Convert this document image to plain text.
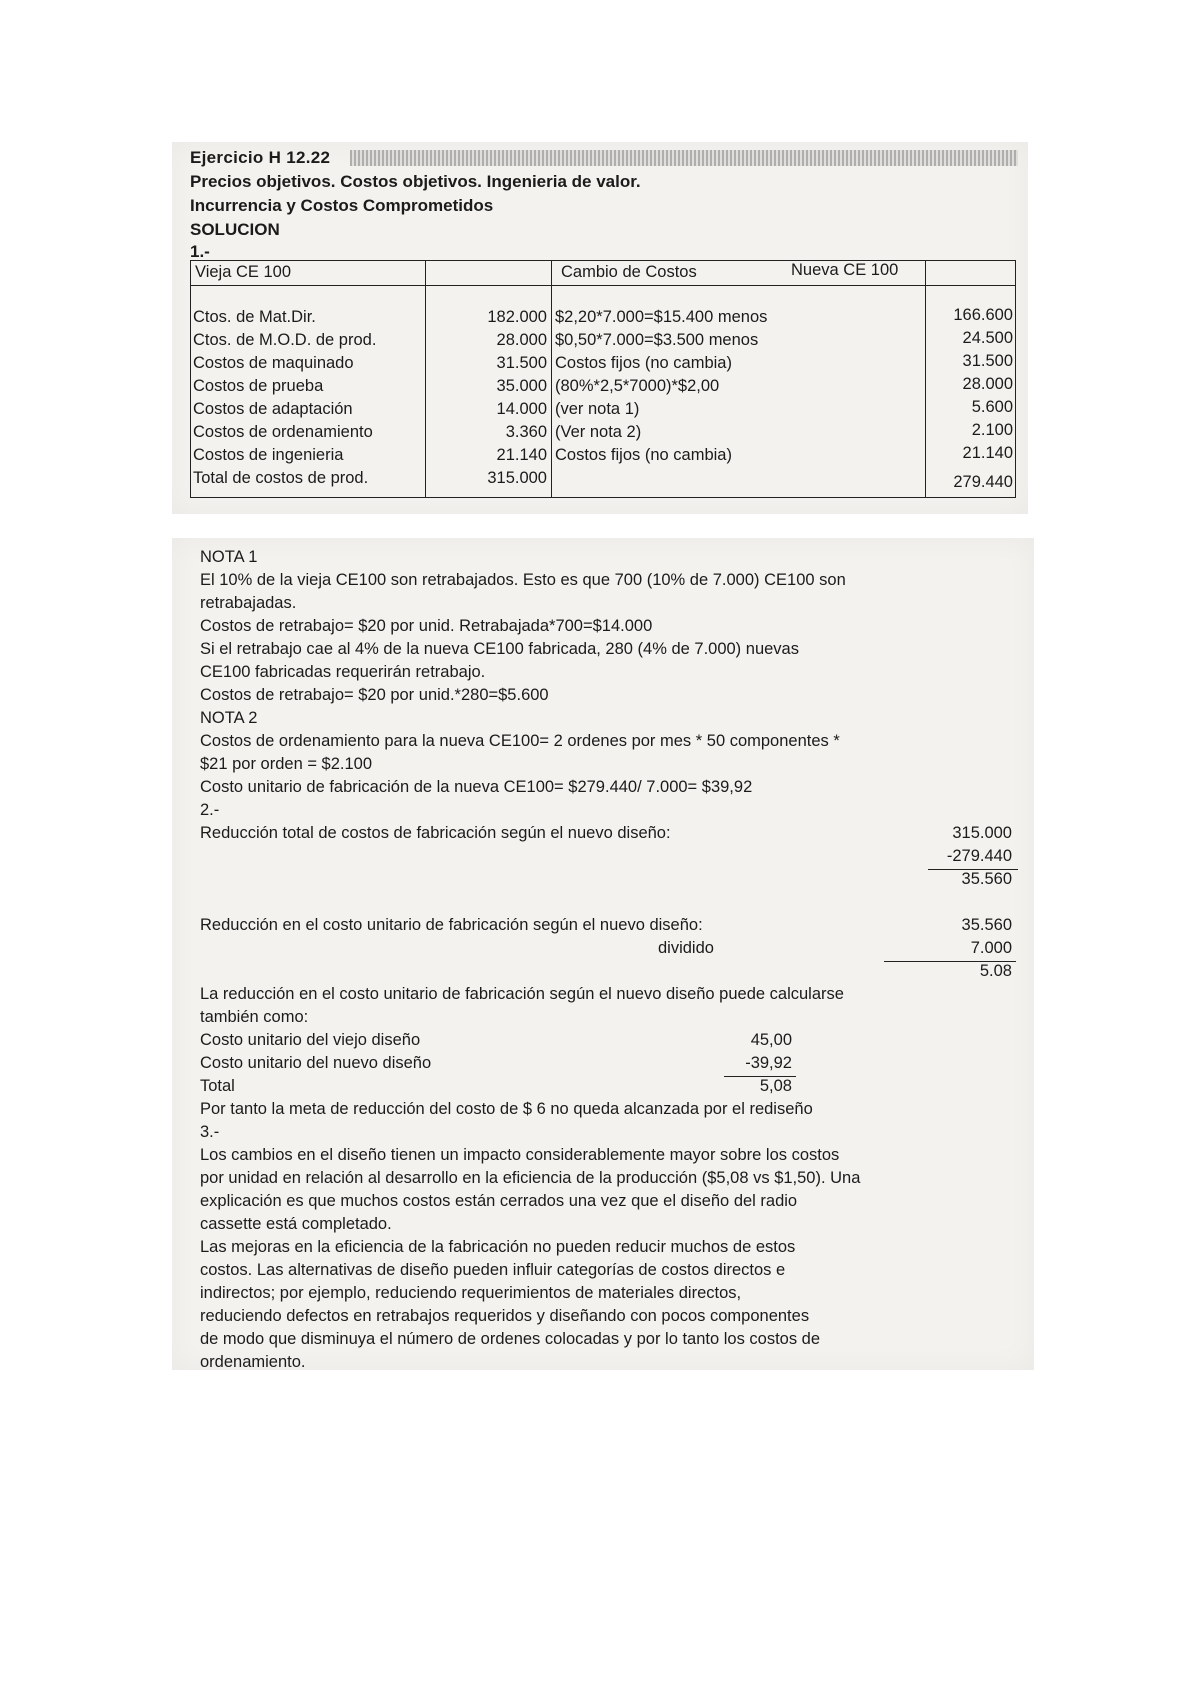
Ejercicio H 12.22
Precios objetivos. Costos objetivos. Ingenieria de valor.
Incurrencia y Costos Comprometidos
SOLUCION
1.-
Vieja CE 100	Cambio de Costos	Nueva CE 100
Ctos. de Mat.Dir.	182.000 $2,20*7.000=$15.400 menos	166.600
Ctos. de M.O.D. de prod.	28.000 $0,50*7.000=$3.500 menos	24.500
Costos de maquinado	31.500 Costos fijos (no cambia)	31.500
Costos de prueba	35.000 (80%*2,5*7000)*$2,00	28.000
Costos de adaptación	14.000 (ver nota 1)	5.600
Costos de ordenamiento	3.360 (Ver nota 2)	2.100
Costos de ingenieria	21.140 Costos fijos (no cambia)	21.140
Total de costos de prod.	315.000	279.440
NOTA 1
El 10% de la vieja CE100 son retrabajados. Esto es que 700 (10% de 7.000) CE100 son
retrabajadas.
Costos de retrabajo= $20 por unid. Retrabajada*700=$14.000
Si el retrabajo cae al 4% de la nueva CE100 fabricada, 280 (4% de 7.000) nuevas
CE100 fabricadas requerirán retrabajo.
Costos de retrabajo= $20 por unid.*280=$5.600
NOTA 2
Costos de ordenamiento para la nueva CE100= 2 ordenes por mes * 50 componentes *
$21 por orden = $2.100
Costo unitario de fabricación de la nueva CE100= $279.440/ 7.000= $39,92
2.-
Reducción total de costos de fabricación según el nuevo diseño:	315.000
-279.440
35.560
Reducción en el costo unitario de fabricación según el nuevo diseño:	35.560
dividido	7.000
5.08
La reducción en el costo unitario de fabricación según el nuevo diseño puede calcularse
también como:
Costo unitario del viejo diseño	45,00
Costo unitario del nuevo diseño	-39,92
Total	5,08
Por tanto la meta de reducción del costo de $ 6 no queda alcanzada por el rediseño
3.-
Los cambios en el diseño tienen un impacto considerablemente mayor sobre los costos
por unidad en relación al desarrollo en la eficiencia de la producción ($5,08 vs $1,50). Una
explicación es que muchos costos están cerrados una vez que el diseño del radio
cassette está completado.
Las mejoras en la eficiencia de la fabricación no pueden reducir muchos de estos
costos. Las alternativas de diseño pueden influir categorías de costos directos e
indirectos; por ejemplo, reduciendo requerimientos de materiales directos,
reduciendo defectos en retrabajos requeridos y diseñando con pocos componentes
de modo que disminuya el número de ordenes colocadas y por lo tanto los costos de
ordenamiento.
